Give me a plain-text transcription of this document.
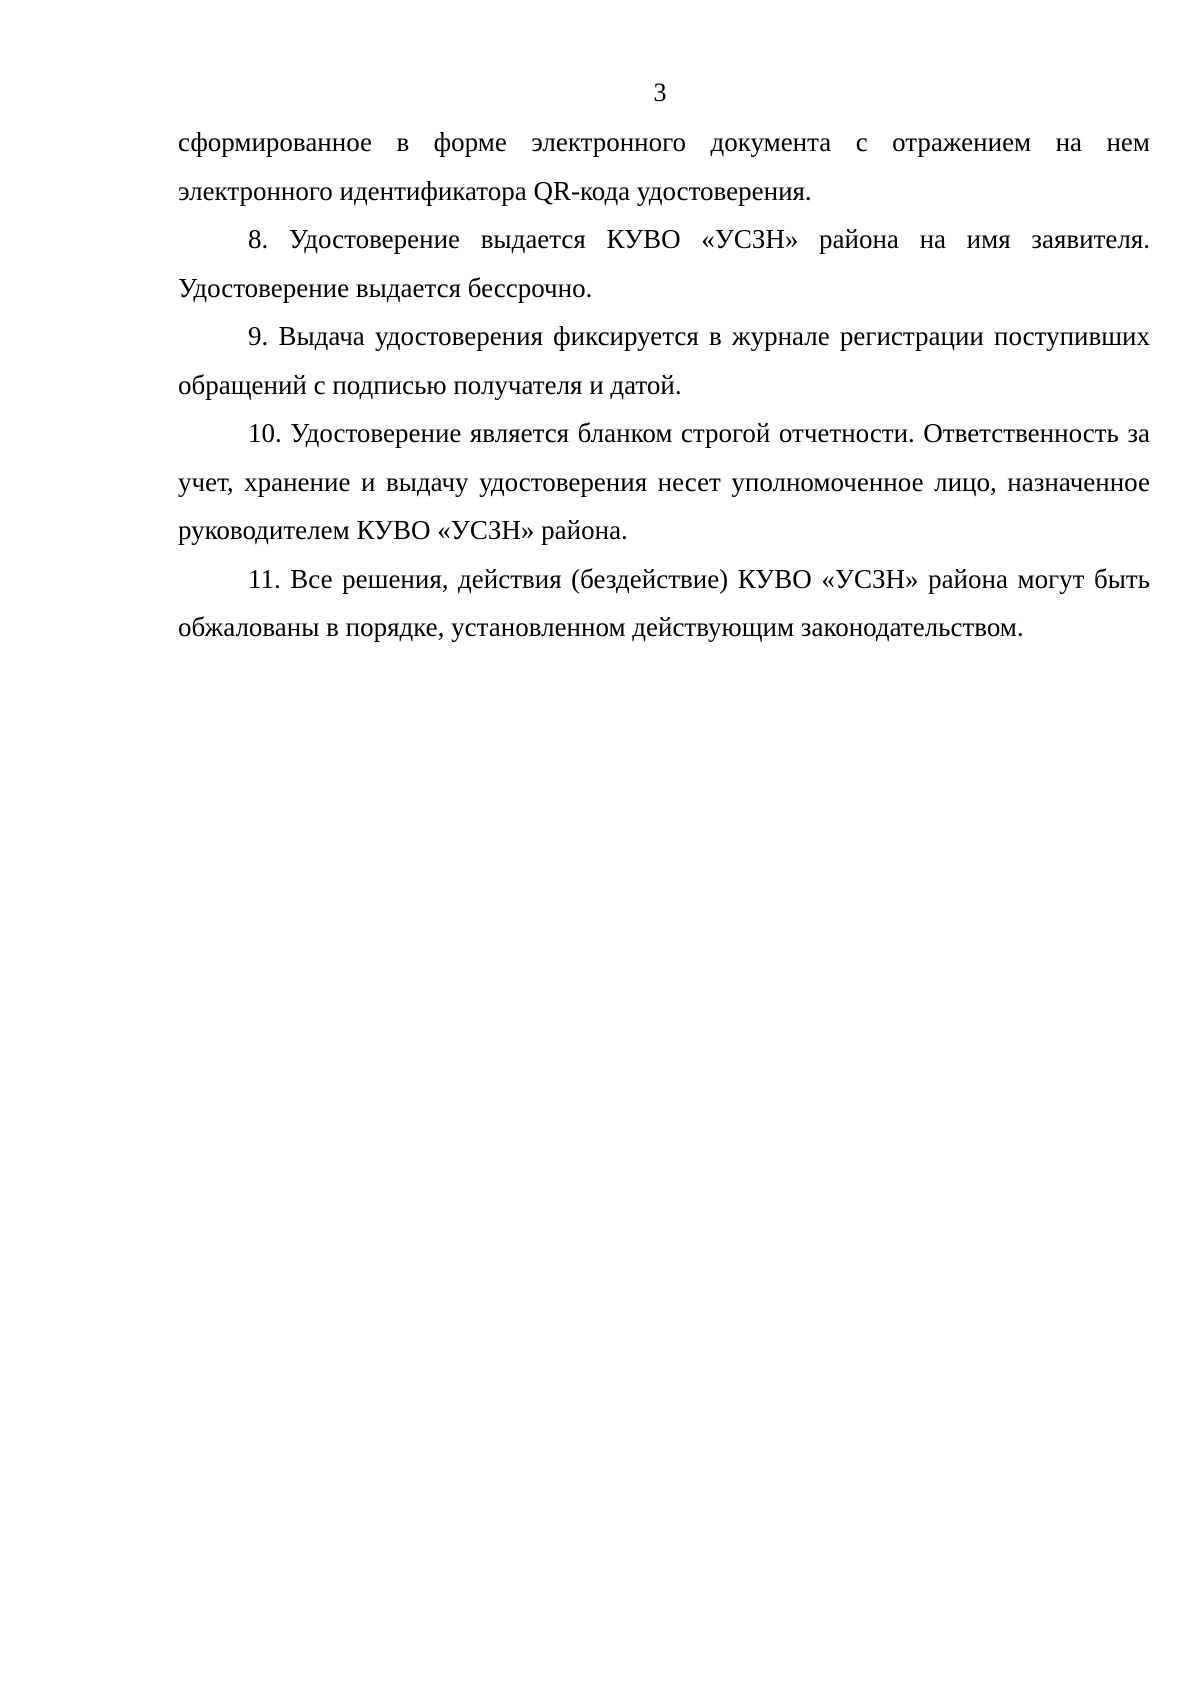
3

сформированное в форме электронного документа с отражением на нем электронного идентификатора QR-кода удостоверения.

8. Удостоверение выдается КУВО «УСЗН» района на имя заявителя. Удостоверение выдается бессрочно.

9. Выдача удостоверения фиксируется в журнале регистрации поступивших обращений с подписью получателя и датой.

10. Удостоверение является бланком строгой отчетности. Ответственность за учет, хранение и выдачу удостоверения несет уполномоченное лицо, назначенное руководителем КУВО «УСЗН» района.

11. Все решения, действия (бездействие) КУВО «УСЗН» района могут быть обжалованы в порядке, установленном действующим законодательством.
